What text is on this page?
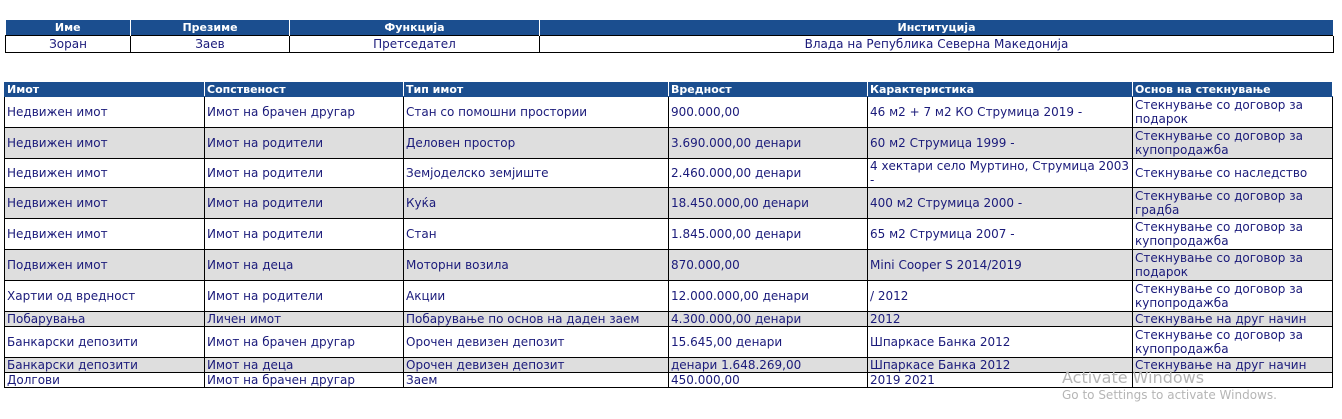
Име	Презиме	Функција	Институција
Зоран	Заев	Претседател	Влада на Република Северна Македонија
Имот	Сопственост	Тип имот	Вредност	Карактеристика	Основ на стекнување
Недвижен имот	Имот на брачен другар	Стан со помошни простории	900.000,00	46 м2 + 7 м2 КО Струмица 2019 -	Стекнување со договор за подарок
Недвижен имот	Имот на родители	Деловен простор	3.690.000,00 денари	60 м2 Струмица 1999 -	Стекнување со договор за купопродажба
Недвижен имот	Имот на родители	Земјоделско земјиште	2.460.000,00 денари	4 хектари село Муртино, Струмица 2003 -	Стекнување со наследство
Недвижен имот	Имот на родители	Куќа	18.450.000,00 денари	400 м2 Струмица 2000 -	Стекнување со договор за градба
Недвижен имот	Имот на родители	Стан	1.845.000,00 денари	65 м2 Струмица 2007 -	Стекнување со договор за купопродажба
Подвижен имот	Имот на деца	Моторни возила	870.000,00	Mini Cooper S 2014/2019	Стекнување со договор за подарок
Хартии од вредност	Имот на родители	Акции	12.000.000,00 денари	/ 2012	Стекнување со договор за купопродажба
Побарувања	Личен имот	Побарување по основ на даден заем	4.300.000,00 денари	2012	Стекнување на друг начин
Банкарски депозити	Имот на брачен другар	Орочен девизен депозит	15.645,00 денари	Шпаркасе Банка 2012	Стекнување со договор за купопродажба
Банкарски депозити	Имот на деца	Орочен девизен депозит	денари 1.648.269,00	Шпаркасе Банка 2012	Стекнување на друг начин
Долгови	Имот на брачен другар	Заем	450.000,00	2019 2021		Activate Windows
Go to Settings to activate Windows.
